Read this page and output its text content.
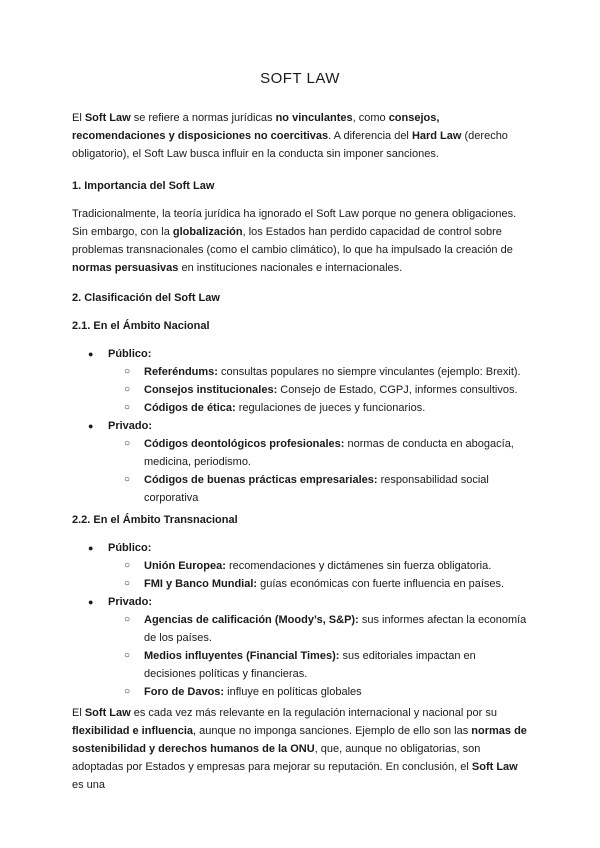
SOFT LAW

El Soft Law se refiere a normas jurídicas no vinculantes, como consejos, recomendaciones y disposiciones no coercitivas. A diferencia del Hard Law (derecho obligatorio), el Soft Law busca influir en la conducta sin imponer sanciones.

1. Importancia del Soft Law

Tradicionalmente, la teoría jurídica ha ignorado el Soft Law porque no genera obligaciones. Sin embargo, con la globalización, los Estados han perdido capacidad de control sobre problemas transnacionales (como el cambio climático), lo que ha impulsado la creación de normas persuasivas en instituciones nacionales e internacionales.

2. Clasificación del Soft Law
2.1. En el Ámbito Nacional
● Público:
○ Referéndums: consultas populares no siempre vinculantes (ejemplo: Brexit).
○ Consejos institucionales: Consejo de Estado, CGPJ, informes consultivos.
○ Códigos de ética: regulaciones de jueces y funcionarios.
● Privado:
○ Códigos deontológicos profesionales: normas de conducta en abogacía, medicina, periodismo.
○ Códigos de buenas prácticas empresariales: responsabilidad social corporativa
2.2. En el Ámbito Transnacional
● Público:
○ Unión Europea: recomendaciones y dictámenes sin fuerza obligatoria.
○ FMI y Banco Mundial: guías económicas con fuerte influencia en países.
● Privado:
○ Agencias de calificación (Moody’s, S&P): sus informes afectan la economía de los países.
○ Medios influyentes (Financial Times): sus editoriales impactan en decisiones políticas y financieras.
○ Foro de Davos: influye en políticas globales

El Soft Law es cada vez más relevante en la regulación internacional y nacional por su flexibilidad e influencia, aunque no imponga sanciones. Ejemplo de ello son las normas de sostenibilidad y derechos humanos de la ONU, que, aunque no obligatorias, son adoptadas por Estados y empresas para mejorar su reputación. En conclusión, el Soft Law es una
